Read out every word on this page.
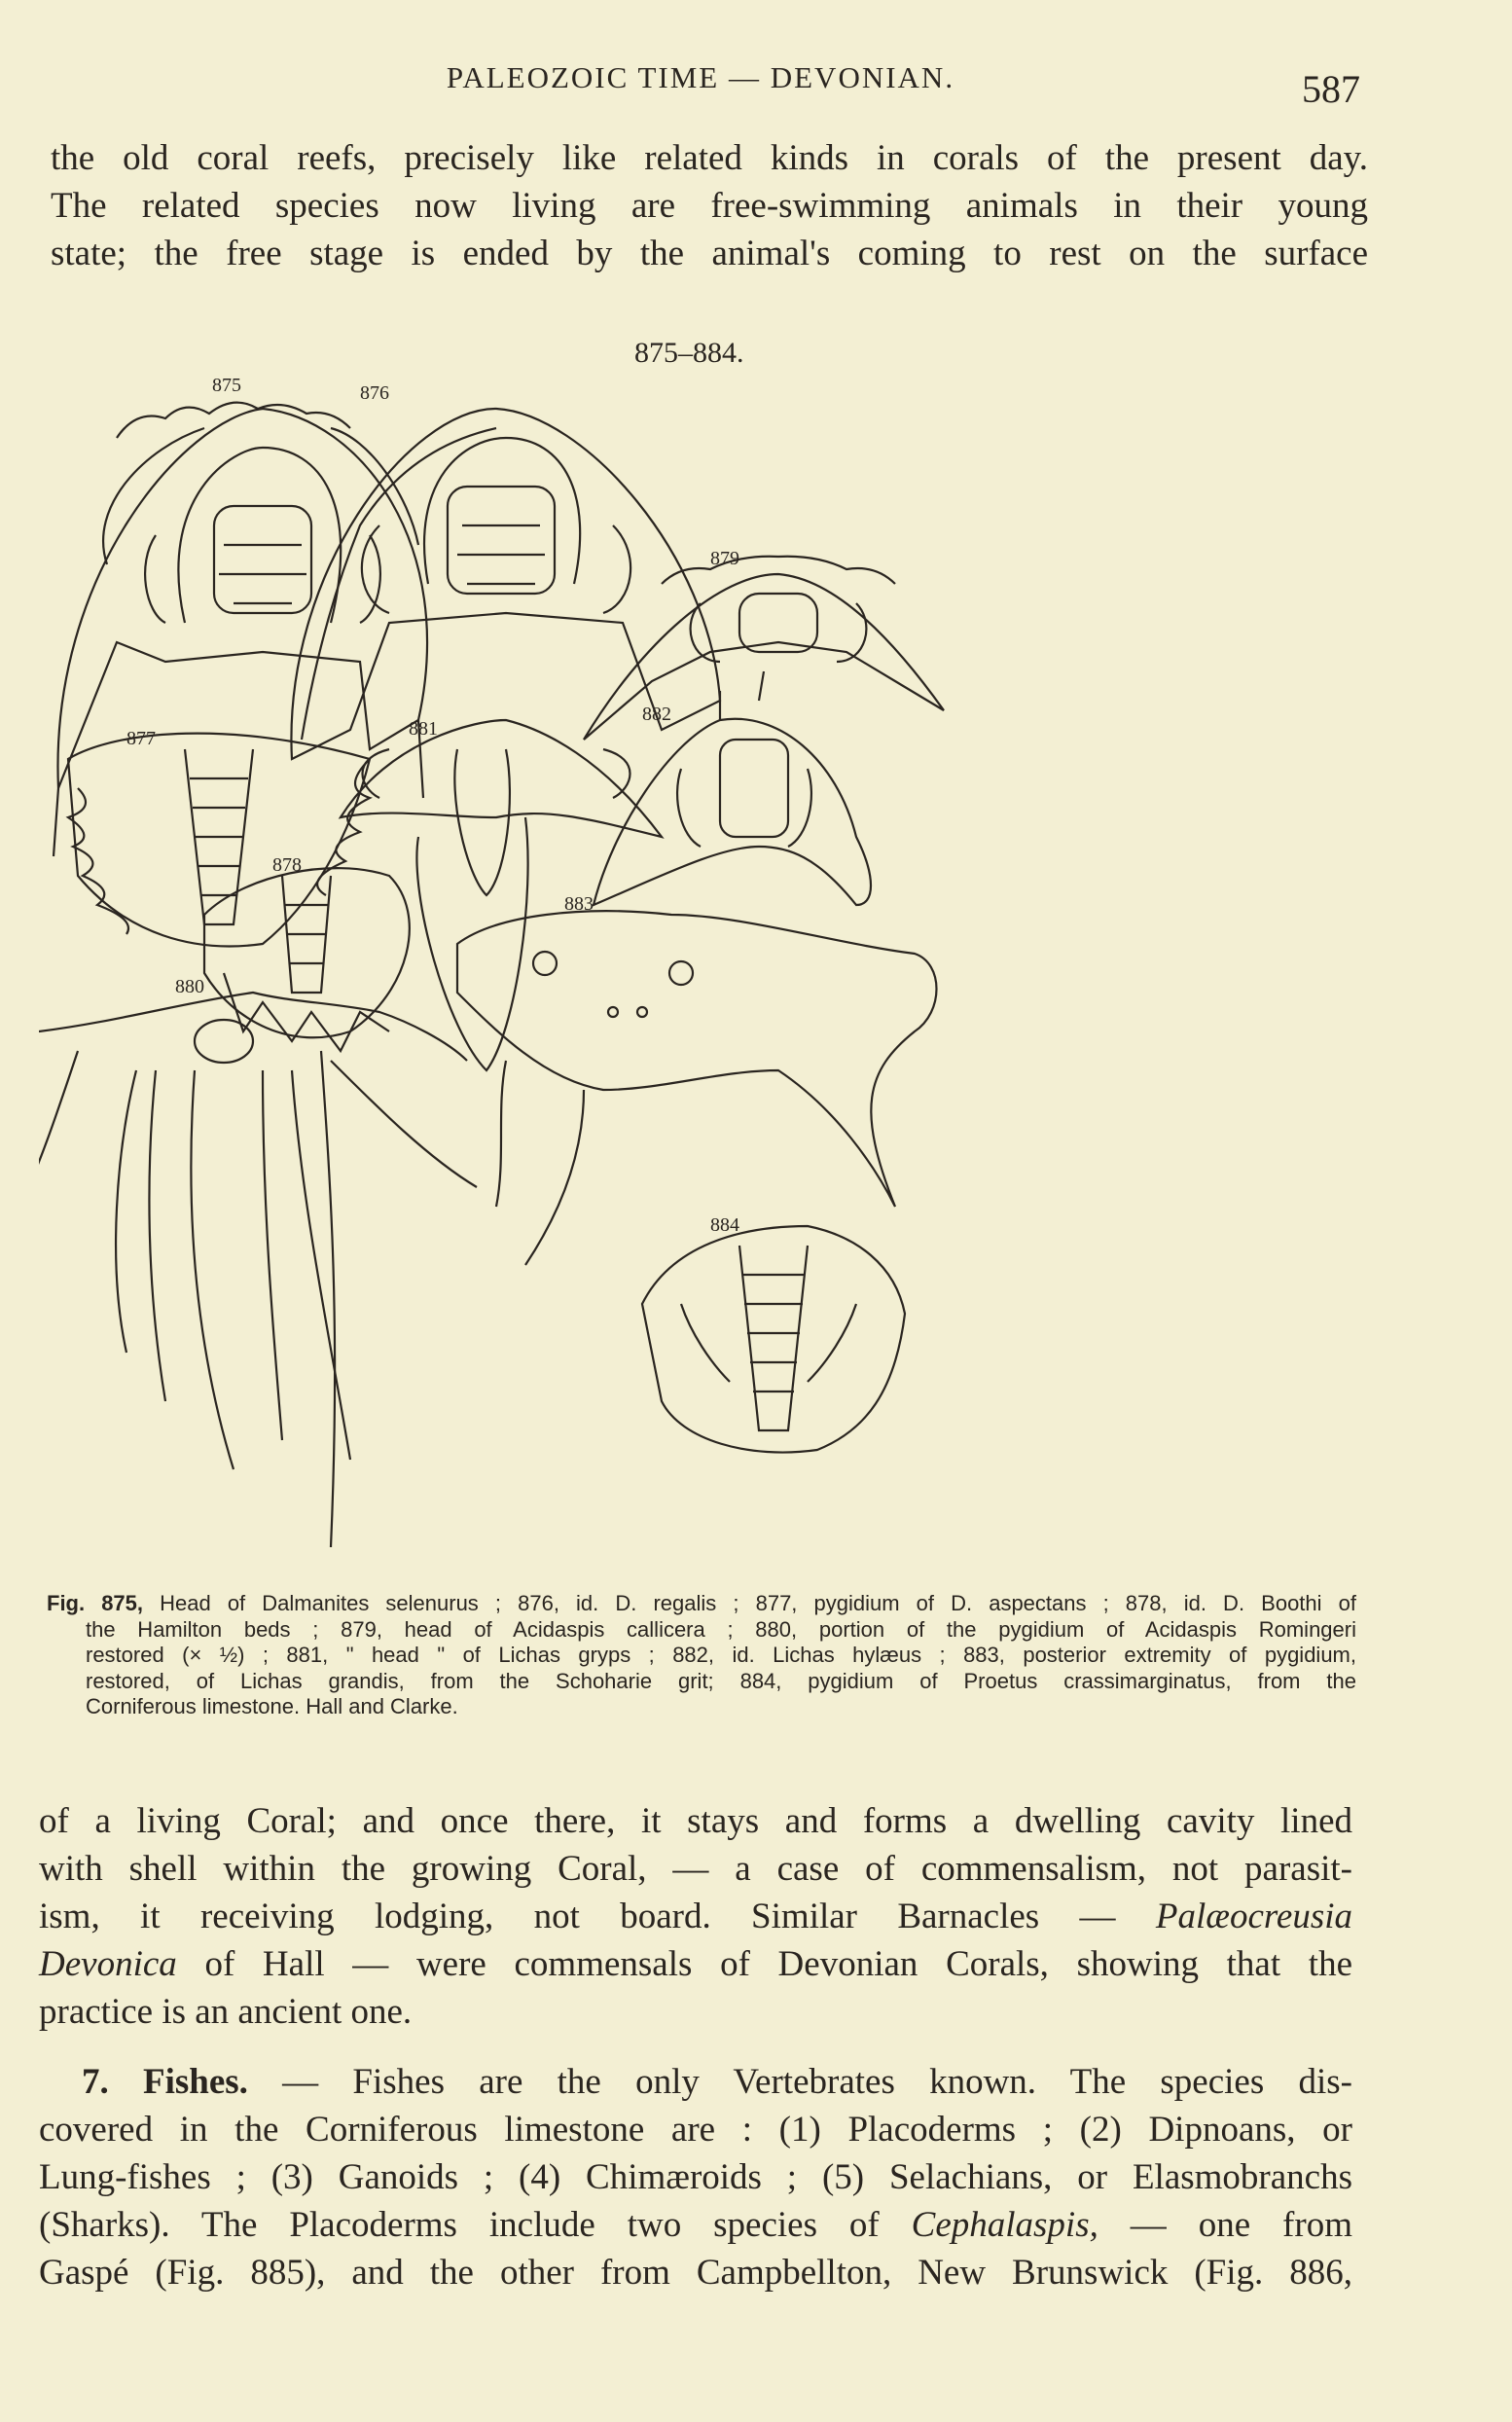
PALEOZOIC TIME — DEVONIAN.	587
the old coral reefs, precisely like related kinds in corals of the present day.
The related species now living are free-swimming animals in their young
state; the free stage is ended by the animal's coming to rest on the surface
875–884.
875
877
876
881
879
882
878
883
880
884
Fig. 875, Head of Dalmanites selenurus ; 876, id. D. regalis ; 877, pygidium of D. aspectans ; 878, id. D. Boothi of
the Hamilton beds ; 879, head of Acidaspis callicera ; 880, portion of the pygidium of Acidaspis Romingeri
restored (× ½) ; 881, " head " of Lichas gryps ; 882, id. Lichas hylæus ; 883, posterior extremity of pygidium,
restored, of Lichas grandis, from the Schoharie grit; 884, pygidium of Proetus crassimarginatus, from the
Corniferous limestone. Hall and Clarke.
of a living Coral; and once there, it stays and forms a dwelling cavity lined
with shell within the growing Coral, — a case of commensalism, not parasit-
ism, it receiving lodging, not board. Similar Barnacles — Palæocreusia
Devonica of Hall — were commensals of Devonian Corals, showing that the
practice is an ancient one.
7. Fishes. — Fishes are the only Vertebrates known. The species dis-
covered in the Corniferous limestone are : (1) Placoderms ; (2) Dipnoans, or
Lung-fishes ; (3) Ganoids ; (4) Chimæroids ; (5) Selachians, or Elasmobranchs
(Sharks). The Placoderms include two species of Cephalaspis, — one from
Gaspé (Fig. 885), and the other from Campbellton, New Brunswick (Fig. 886,
